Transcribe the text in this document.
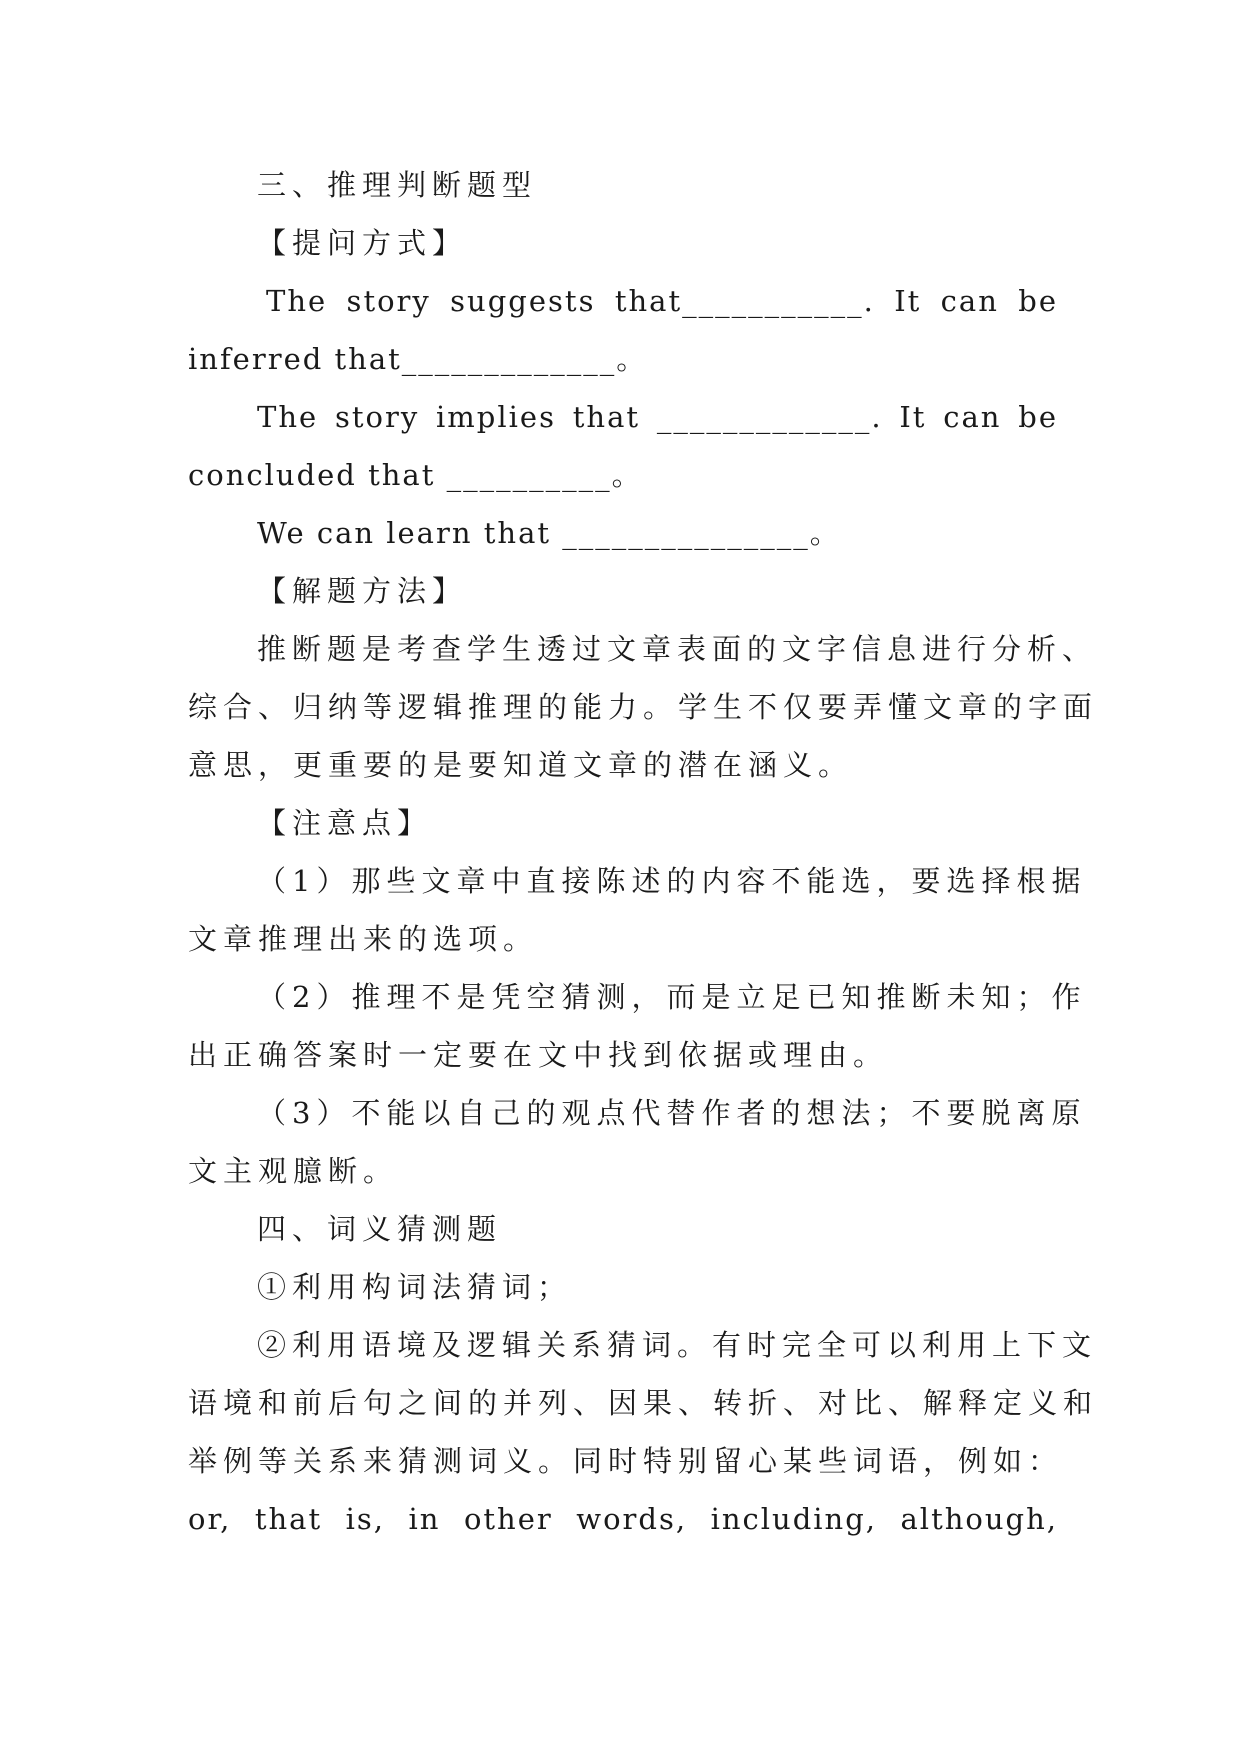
三、推理判断题型
【提问方式】
The story suggests that___________. It can be
inferred that_____________。
The story implies that _____________. It can be
concluded that __________。
We can learn that _______________。
【解题方法】
推断题是考查学生透过文章表面的文字信息进行分析、
综合、归纳等逻辑推理的能力。学生不仅要弄懂文章的字面
意思，更重要的是要知道文章的潜在涵义。
【注意点】
（1）那些文章中直接陈述的内容不能选，要选择根据
文章推理出来的选项。
（2）推理不是凭空猜测，而是立足已知推断未知；作
出正确答案时一定要在文中找到依据或理由。
（3）不能以自己的观点代替作者的想法；不要脱离原
文主观臆断。
四、词义猜测题
①利用构词法猜词；
②利用语境及逻辑关系猜词。有时完全可以利用上下文
语境和前后句之间的并列、因果、转折、对比、解释定义和
举例等关系来猜测词义。同时特别留心某些词语，例如：
or, that is, in other words, including, although,
